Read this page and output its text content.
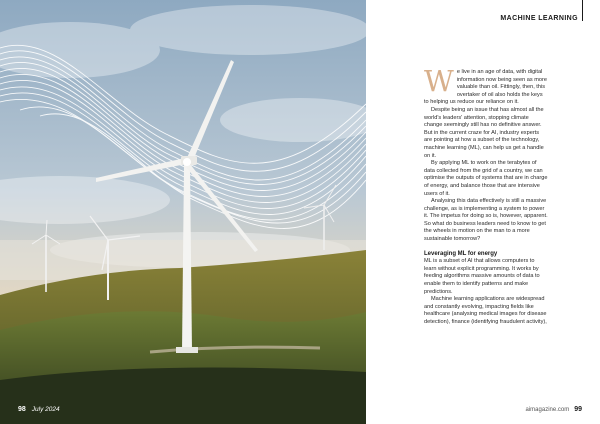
98 July 2024
MACHINE LEARNING

We live in an age of data, with digital information now being seen as more valuable than oil. Fittingly, then, this overtaker of oil also holds the keys to helping us reduce our reliance on it.

Despite being an issue that has almost all the world's leaders' attention, stopping climate change seemingly still has no definitive answer. But in the current craze for AI, industry experts are pointing at how a subset of the technology, machine learning (ML), can help us get a handle on it.

By applying ML to work on the terabytes of data collected from the grid of a country, we can optimise the outputs of systems that are in charge of energy, and balance those that are intensive users of it.

Analysing this data effectively is still a massive challenge, as is implementing a system to power it. The impetus for doing so is, however, apparent. So what do business leaders need to know to get the wheels in motion on the man to a more sustainable tomorrow?

Leveraging ML for energy

ML is a subset of AI that allows computers to learn without explicit programming. It works by feeding algorithms massive amounts of data to enable them to identify patterns and make predictions.

Machine learning applications are widespread and constantly evolving, impacting fields like healthcare (analysing medical images for disease detection), finance (identifying fraudulent activity),

aimagazine.com 99
